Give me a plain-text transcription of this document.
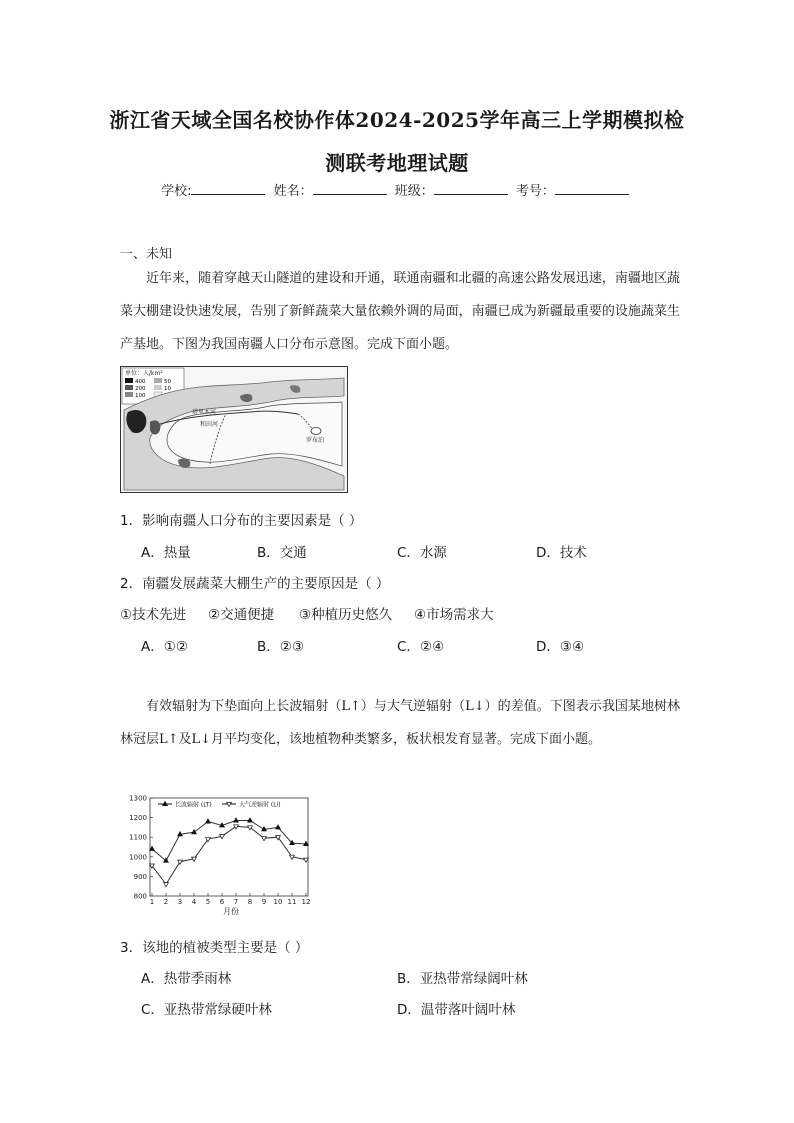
浙江省天域全国名校协作体2024-2025学年高三上学期模拟检
测联考地理试题
学校:	姓名：	班级：	考号：
一、未知
近年来，随着穿越天山隧道的建设和开通，联通南疆和北疆的高速公路发展迅速，南疆地区蔬菜大棚建设快速发展，告别了新鲜蔬菜大量依赖外调的局面，南疆已成为新疆最重要的设施蔬菜生产基地。下图为我国南疆人口分布示意图。完成下面小题。
单位：人/km²
400
200
100
50
10
塔里木河
和田河
罗布泊
1．影响南疆人口分布的主要因素是（ ）
A．热量	B．交通	C．水源	D．技术
2．南疆发展蔬菜大棚生产的主要原因是（ ）
①技术先进 ②交通便捷 ③种植历史悠久 ④市场需求大
A．①②	B．②③	C．②④	D．③④
有效辐射为下垫面向上长波辐射（L↑）与大气逆辐射（L↓）的差值。下图表示我国某地树林林冠层L↑及L↓月平均变化，该地植物种类繁多，板状根发育显著。完成下面小题。
800
900
1000
1100
1200
1300
1 2 3 4 5 6 7 8 9 10 11 12
月份
长波辐射 (LT)	大气逆辐射 (Li)
3．该地的植被类型主要是（ ）
A．热带季雨林	B．亚热带常绿阔叶林
C．亚热带常绿硬叶林	D．温带落叶阔叶林
